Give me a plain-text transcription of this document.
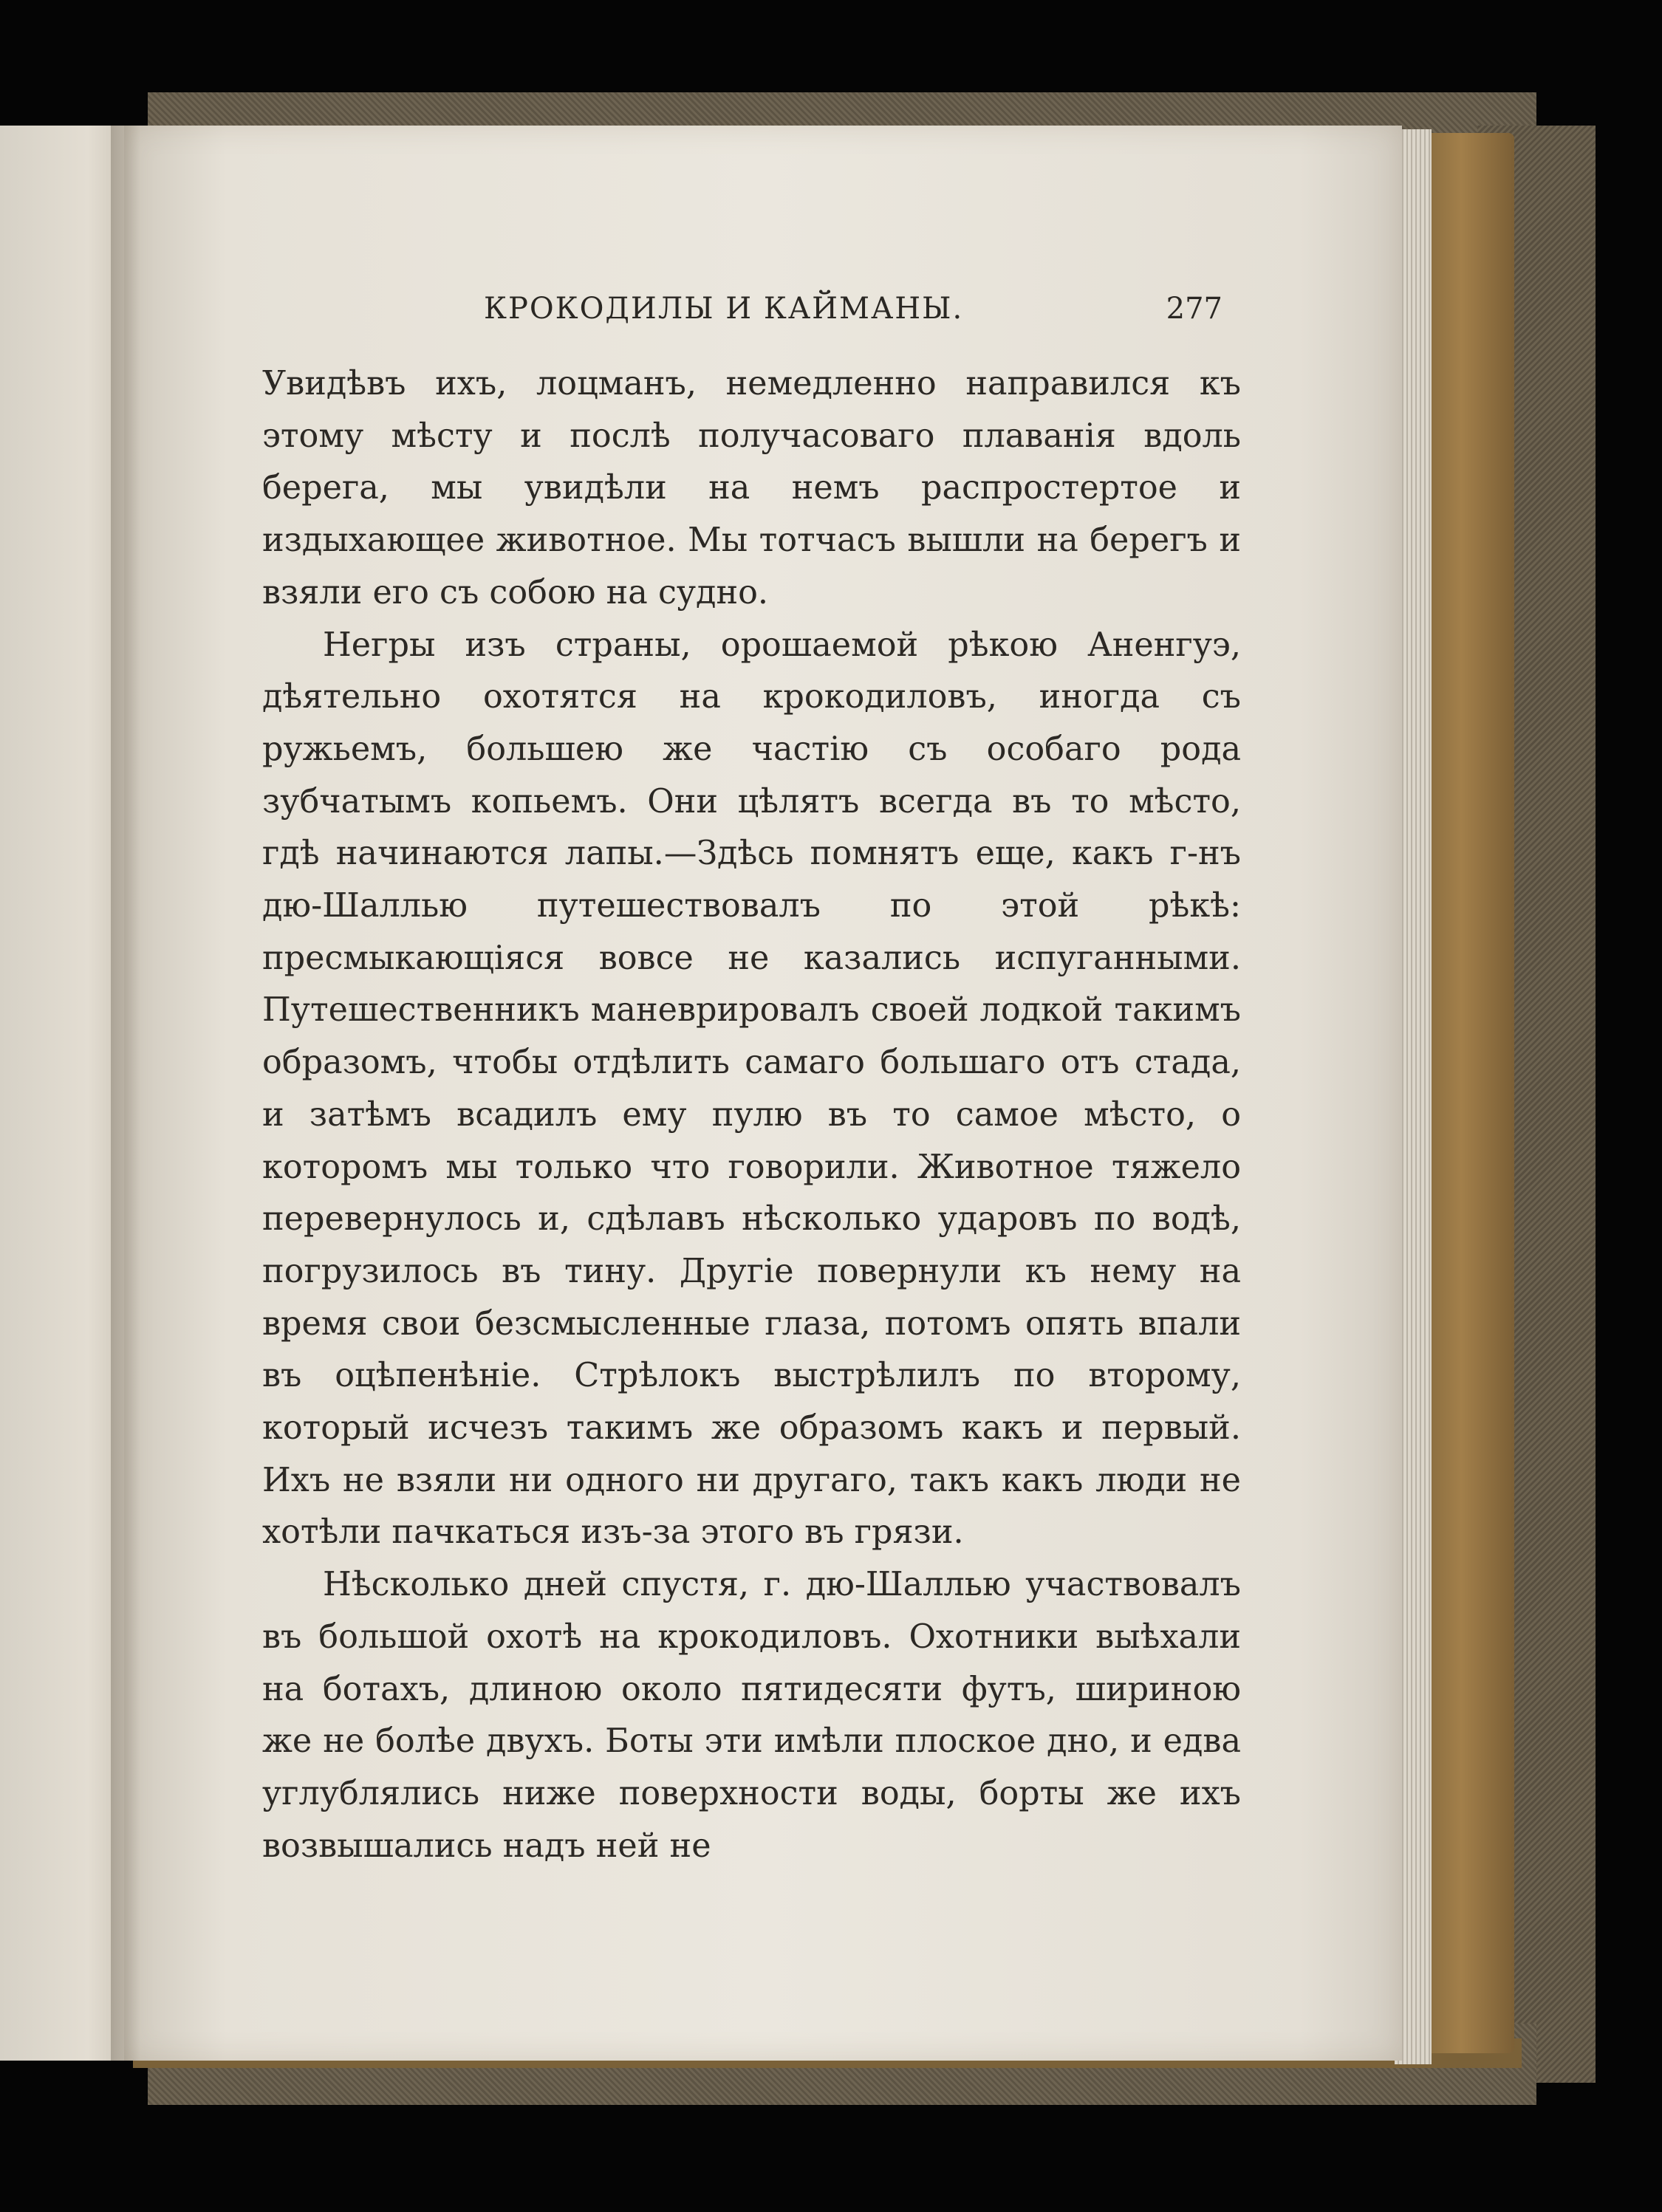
КРОКОДИЛЫ И КАЙМАНЫ.	277

Увидѣвъ ихъ, лоцманъ, немедленно направился къ этому мѣсту и послѣ получасоваго плаванія вдоль берега, мы увидѣли на немъ распростертое и издыхающее животное. Мы тотчасъ вышли на берегъ и взяли его съ собою на судно.

Негры изъ страны, орошаемой рѣкою Аненгуэ, дѣятельно охотятся на крокодиловъ, иногда съ ружьемъ, большею же частію съ особаго рода зубчатымъ копьемъ. Они цѣлятъ всегда въ то мѣсто, гдѣ начинаются лапы.—Здѣсь помнятъ еще, какъ г-нъ дю-Шаллью путешествовалъ по этой рѣкѣ: пресмыкающіяся вовсе не казались испуганными. Путешественникъ маневрировалъ своей лодкой такимъ образомъ, чтобы отдѣлить самаго большаго отъ стада, и затѣмъ всадилъ ему пулю въ то самое мѣсто, о которомъ мы только что говорили. Животное тяжело перевернулось и, сдѣлавъ нѣсколько ударовъ по водѣ, погрузилось въ тину. Другіе повернули къ нему на время свои безсмысленные глаза, потомъ опять впали въ оцѣпенѣніе. Стрѣлокъ выстрѣлилъ по второму, который исчезъ такимъ же образомъ какъ и первый. Ихъ не взяли ни одного ни другаго, такъ какъ люди не хотѣли пачкаться изъ-за этого въ грязи.

Нѣсколько дней спустя, г. дю-Шаллью участвовалъ въ большой охотѣ на крокодиловъ. Охотники выѣхали на ботахъ, длиною около пятидесяти футъ, шириною же не болѣе двухъ. Боты эти имѣли плоское дно, и едва углублялись ниже поверхности воды, борты же ихъ возвышались надъ ней не
